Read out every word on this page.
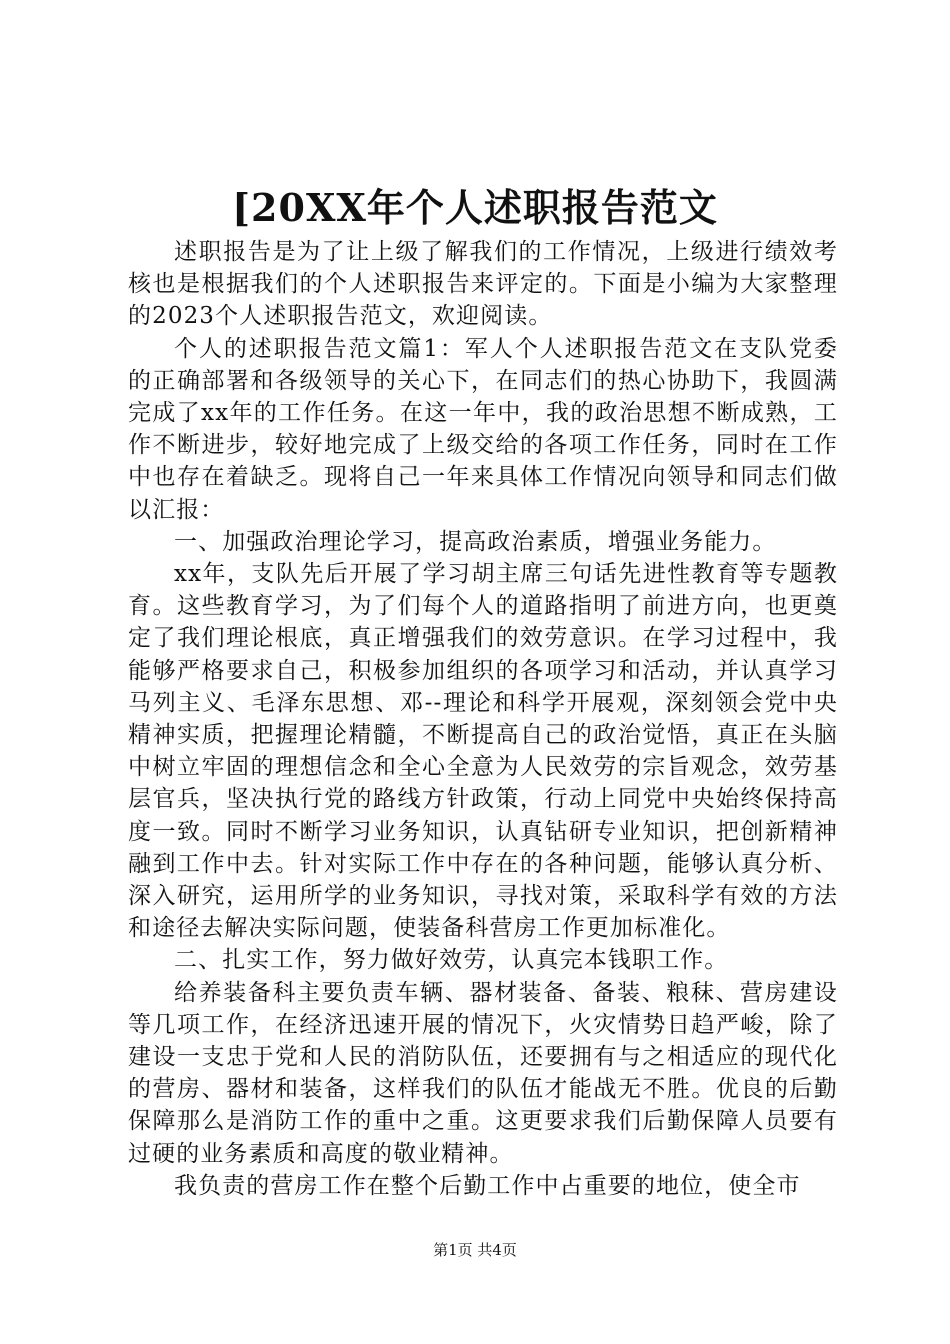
[20XX年个人述职报告范文

述职报告是为了让上级了解我们的工作情况，上级进行绩效考核也是根据我们的个人述职报告来评定的。下面是小编为大家整理的2023个人述职报告范文，欢迎阅读。

个人的述职报告范文篇1：军人个人述职报告范文在支队党委的正确部署和各级领导的关心下，在同志们的热心协助下，我圆满完成了xx年的工作任务。在这一年中，我的政治思想不断成熟，工作不断进步，较好地完成了上级交给的各项工作任务，同时在工作中也存在着缺乏。现将自己一年来具体工作情况向领导和同志们做以汇报：

一、加强政治理论学习，提高政治素质，增强业务能力。

xx年，支队先后开展了学习胡主席三句话先进性教育等专题教育。这些教育学习，为了们每个人的道路指明了前进方向，也更奠定了我们理论根底，真正增强我们的效劳意识。在学习过程中，我能够严格要求自己，积极参加组织的各项学习和活动，并认真学习马列主义、毛泽东思想、邓--理论和科学开展观，深刻领会党中央精神实质，把握理论精髓，不断提高自己的政治觉悟，真正在头脑中树立牢固的理想信念和全心全意为人民效劳的宗旨观念，效劳基层官兵，坚决执行党的路线方针政策，行动上同党中央始终保持高度一致。同时不断学习业务知识，认真钻研专业知识，把创新精神融到工作中去。针对实际工作中存在的各种问题，能够认真分析、深入研究，运用所学的业务知识，寻找对策，采取科学有效的方法和途径去解决实际问题，使装备科营房工作更加标准化。

二、扎实工作，努力做好效劳，认真完本钱职工作。

给养装备科主要负责车辆、器材装备、备装、粮秣、营房建设等几项工作，在经济迅速开展的情况下，火灾情势日趋严峻，除了建设一支忠于党和人民的消防队伍，还要拥有与之相适应的现代化的营房、器材和装备，这样我们的队伍才能战无不胜。优良的后勤保障那么是消防工作的重中之重。这更要求我们后勤保障人员要有过硬的业务素质和高度的敬业精神。

我负责的营房工作在整个后勤工作中占重要的地位，使全市

第1页 共4页
